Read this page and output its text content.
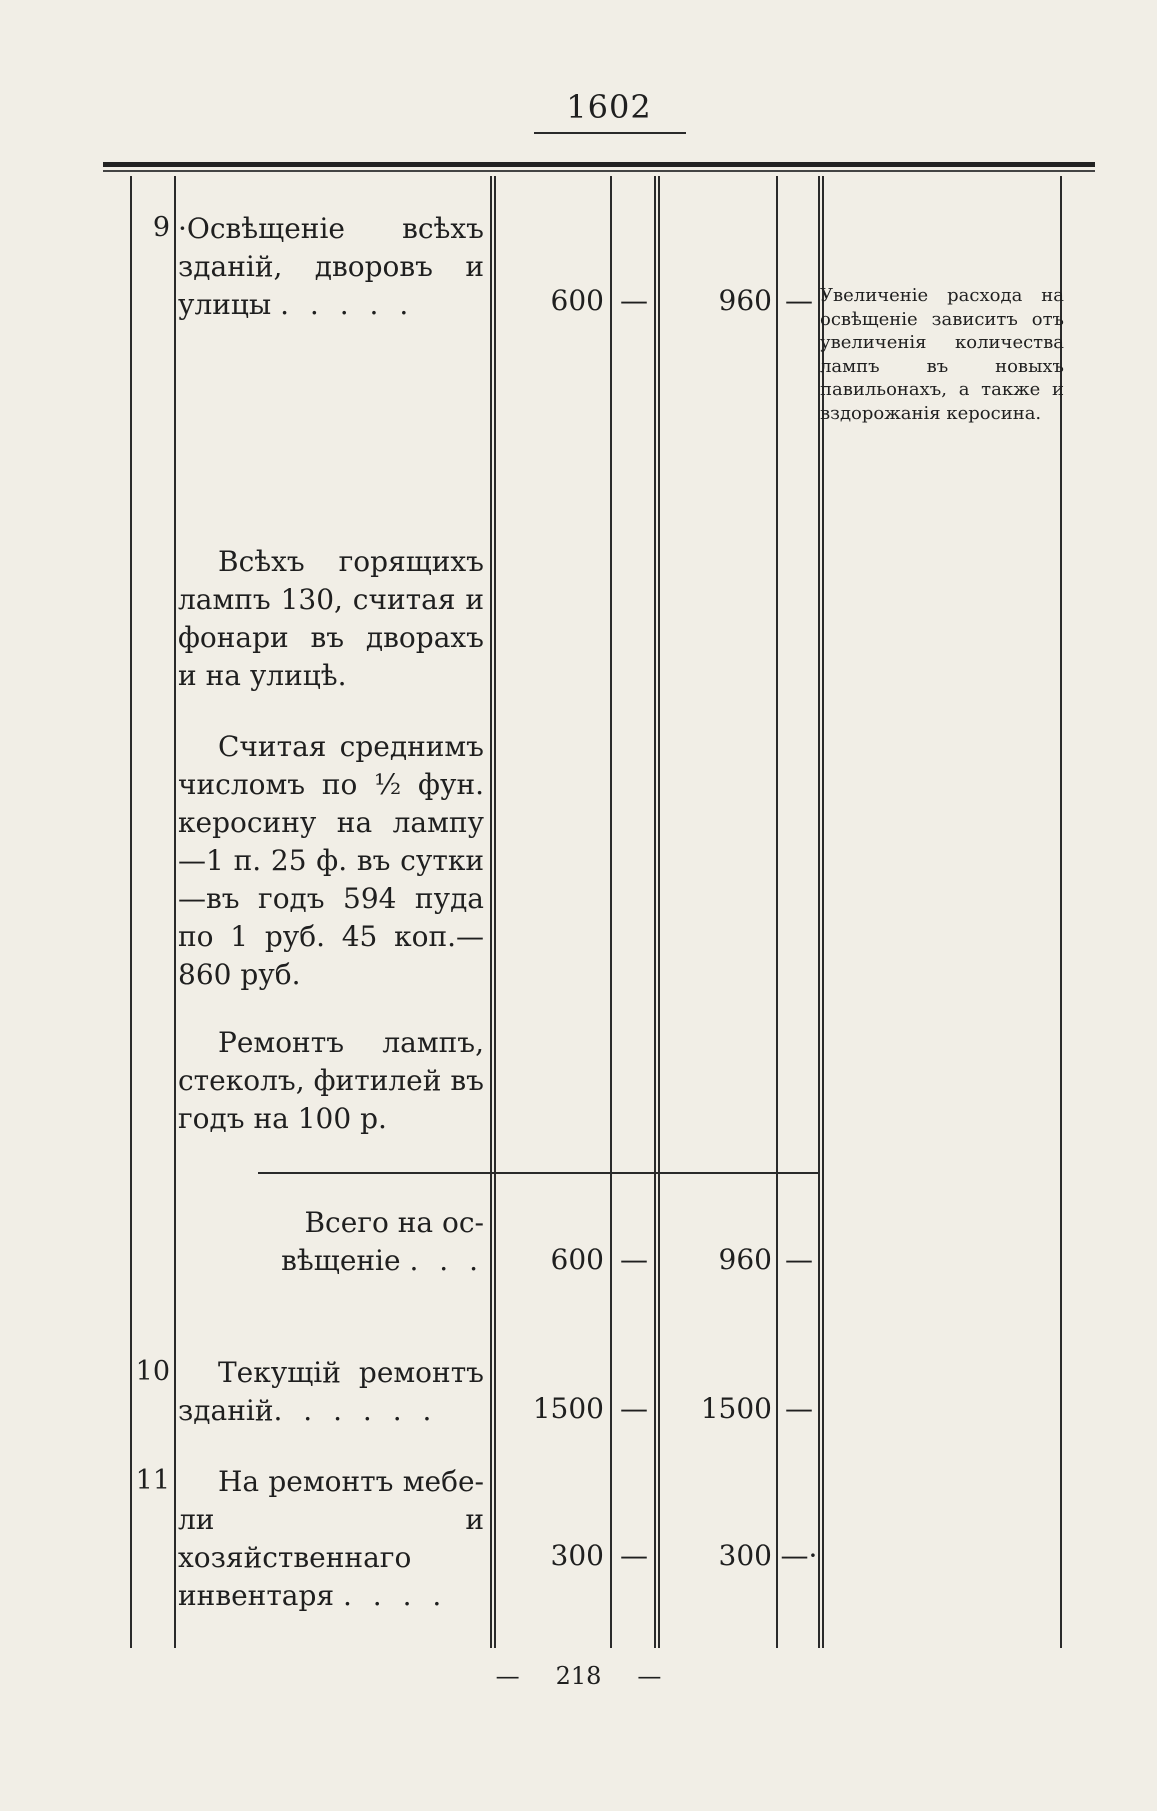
1602
9 ·Освѣщеніе всѣхъ

зданій, дворовъ и

улицы . . . . .	600 —	960 — Увеличеніе расхода на освѣщеніе зависитъ отъ увеличенія количества лампъ въ новыхъ павильонахъ, а также и вздорожанія керосина.
Всѣхъ горящихъ лампъ 130, считая и фонари въ дворахъ и на улицѣ.
Считая среднимъ числомъ по ½ фун. керосину на лампу —1 п. 25 ф. въ сутки—въ годъ 594 пуда по 1 руб. 45 коп.—860 руб.
Ремонтъ лампъ, стеколъ, фитилей въ годъ на 100 р.

Всего на ос-

вѣщеніе . . .	600 —	960 —
10	Текущій ремонтъ

зданій. . . . . .	1500 —	1500 —
11	На ремонтъ мебе-

ли и хозяйственнаго

инвентаря . . . .

300 —	300 —·
— 218 —
